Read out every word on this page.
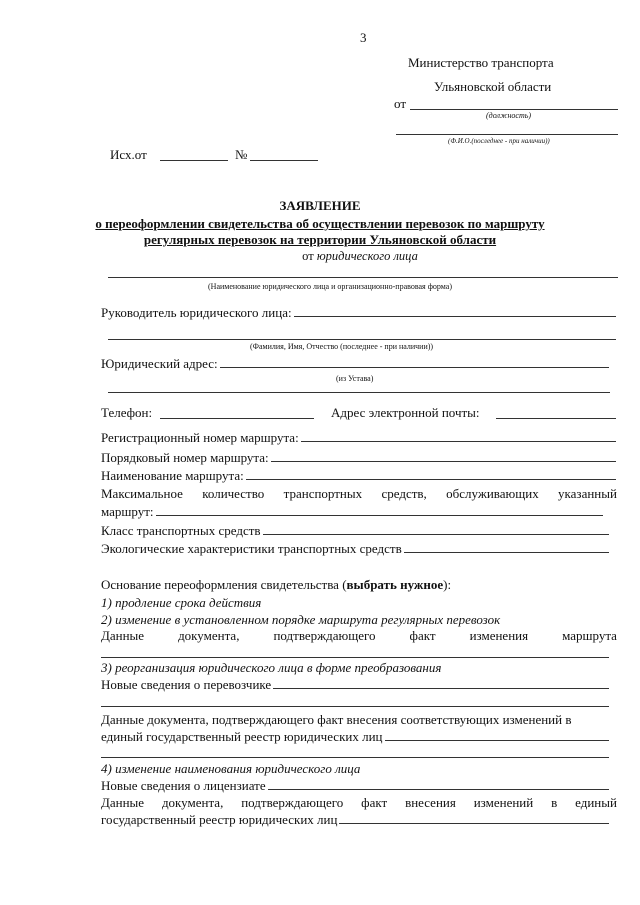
3
Министерство транспорта
Ульяновской области
от
(должность)
(Ф.И.О.(последнее - при наличии))
Исх.от	№
ЗАЯВЛЕНИЕ
о переоформлении свидетельства об осуществлении перевозок по маршруту
регулярных перевозок на территории Ульяновской области
от юридического лица
(Наименование юридического лица и организационно-правовая форма)
Руководитель юридического лица:
(Фамилия, Имя, Отчество (последнее - при наличии))
Юридический адрес:
(из Устава)
Телефон:	Адрес электронной почты:
Регистрационный номер маршрута:
Порядковый номер маршрута:
Наименование маршрута:
Максимальное количество транспортных средств, обслуживающих указанный
маршрут:
Класс транспортных средств
Экологические характеристики транспортных средств
Основание переоформления свидетельства (выбрать нужное):
1) продление срока действия
2) изменение в установленном порядке маршрута регулярных перевозок
Данные	документа,	подтверждающего	факт	изменения	маршрута
3) реорганизация юридического лица в форме преобразования
Новые сведения о перевозчике
Данные документа, подтверждающего факт внесения соответствующих изменений в
единый государственный реестр юридических лиц
4) изменение наименования юридического лица
Новые сведения о лицензиате
Данные документа, подтверждающего факт внесения изменений в единый
государственный реестр юридических лиц
